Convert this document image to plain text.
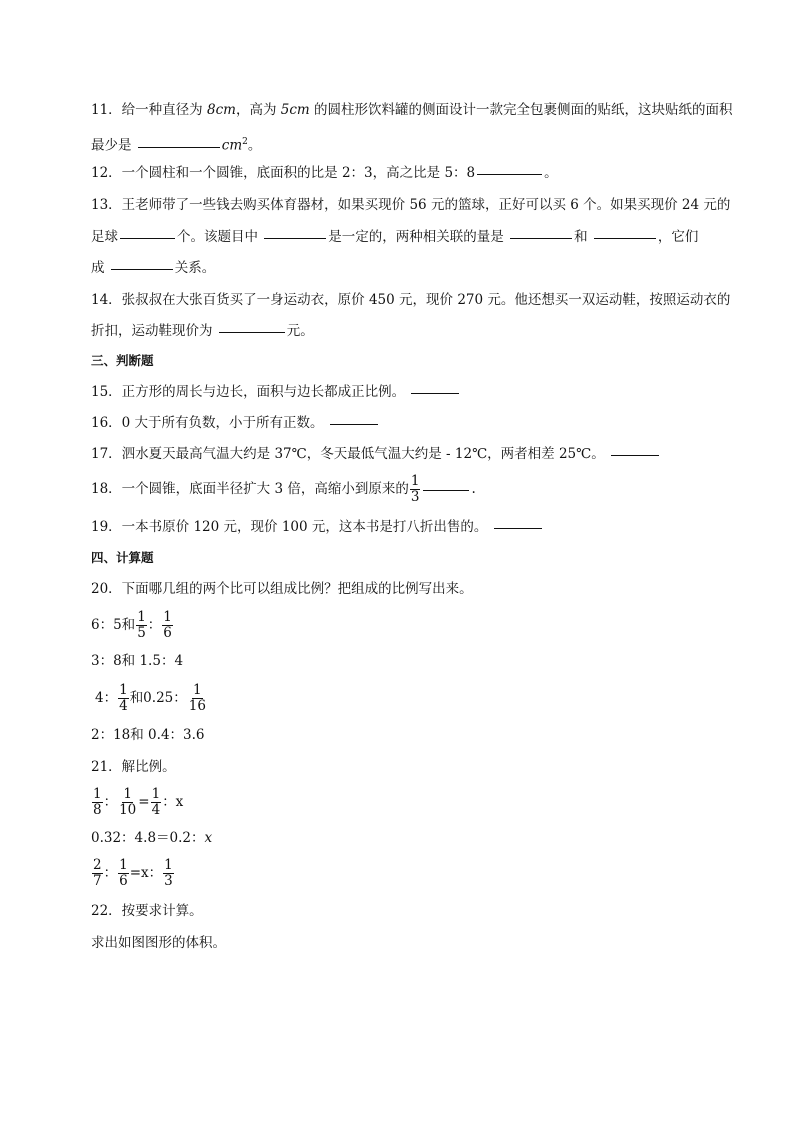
11．给一种直径为 8cm，高为 5cm 的圆柱形饮料罐的侧面设计一款完全包裹侧面的贴纸，这块贴纸的面积
最少是	$cm^2$。
12．一个圆柱和一个圆锥，底面积的比是 2：3，高之比是 5：8	。
13．王老师带了一些钱去购买体育器材，如果买现价 56 元的篮球，正好可以买 6 个。如果买现价 24 元的
足球	个。该题目中	是一定的，两种相关联的量是	和	，它们
成	关系。
14．张叔叔在大张百货买了一身运动衣，原价 450 元，现价 270 元。他还想买一双运动鞋，按照运动衣的
折扣，运动鞋现价为	元。
三、判断题
15．正方形的周长与边长，面积与边长都成正比例。
16．0 大于所有负数，小于所有正数。
17．泗水夏天最高气温大约是 37℃，冬天最低气温大约是 - 12℃，两者相差 25℃。
18．一个圆锥，底面半径扩大 3 倍，高缩小到原来的 $\frac{1}{3}$	.
19．一本书原价 120 元，现价 100 元，这本书是打八折出售的。
四、计算题
20．下面哪几组的两个比可以组成比例？把组成的比例写出来。
6：5和 $\frac{1}{5}$ ： $\frac{1}{6}$
3：8和 1.5：4
4： $\frac{1}{4}$ 和0.25： $\frac{1}{16}$
2：18和 0.4：3.6
21．解比例。
$\frac{1}{8}$ ： $\frac{1}{10} = \frac{1}{4}$ ：x
0.32：4.8＝0.2：x
$\frac{2}{7}$ ： $\frac{1}{6} =x$： $\frac{1}{3}$
22．按要求计算。
求出如图图形的体积。
